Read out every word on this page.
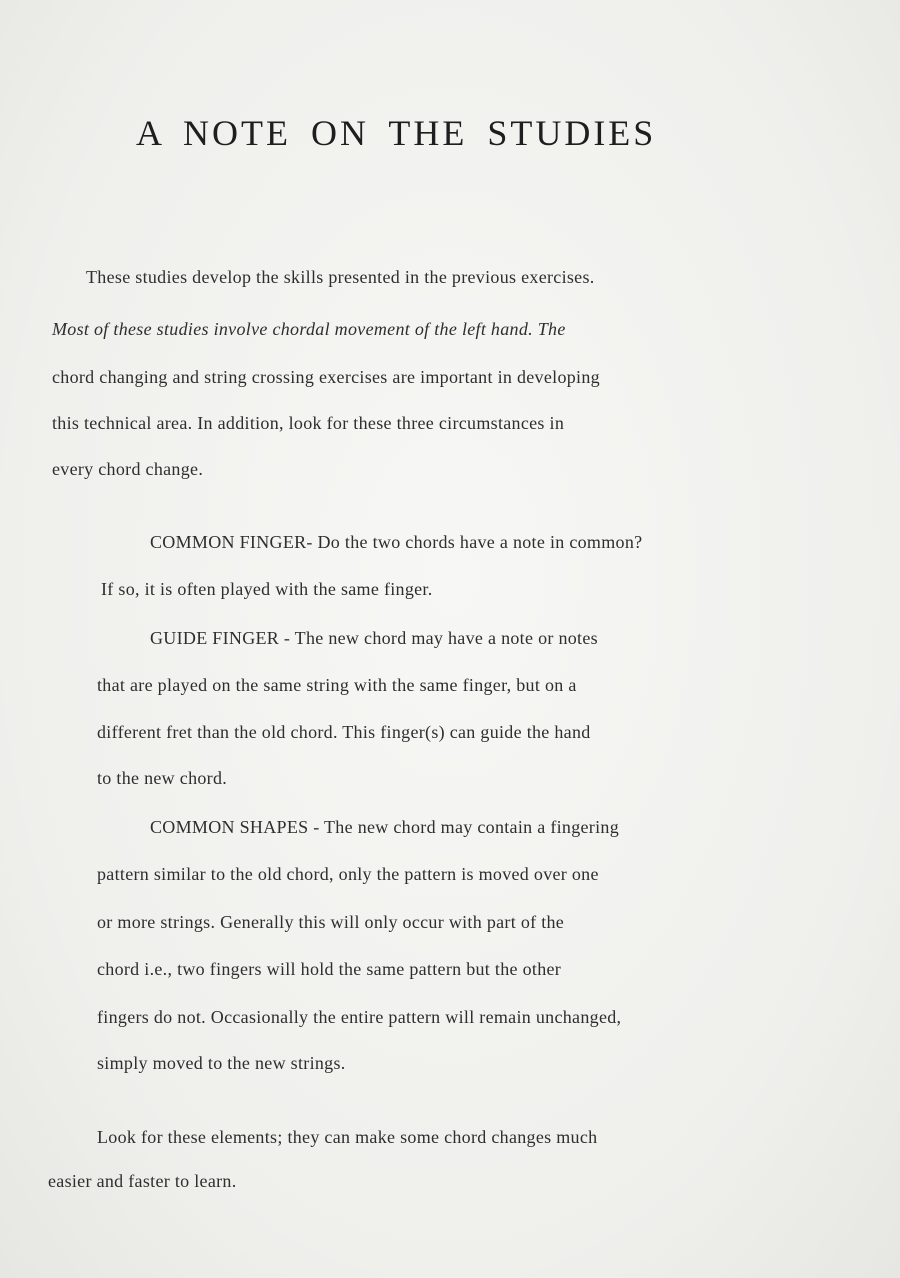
A NOTE ON THE STUDIES
These studies develop the skills presented in the previous exercises.
Most of these studies involve chordal movement of the left hand. The
chord changing and string crossing exercises are important in developing
this technical area. In addition, look for these three circumstances in
every chord change.
COMMON FINGER- Do the two chords have a note in common?
If so, it is often played with the same finger.
GUIDE FINGER - The new chord may have a note or notes
that are played on the same string with the same finger, but on a
different fret than the old chord. This finger(s) can guide the hand
to the new chord.
COMMON SHAPES - The new chord may contain a fingering
pattern similar to the old chord, only the pattern is moved over one
or more strings. Generally this will only occur with part of the
chord i.e., two fingers will hold the same pattern but the other
fingers do not. Occasionally the entire pattern will remain unchanged,
simply moved to the new strings.
Look for these elements; they can make some chord changes much
easier and faster to learn.
